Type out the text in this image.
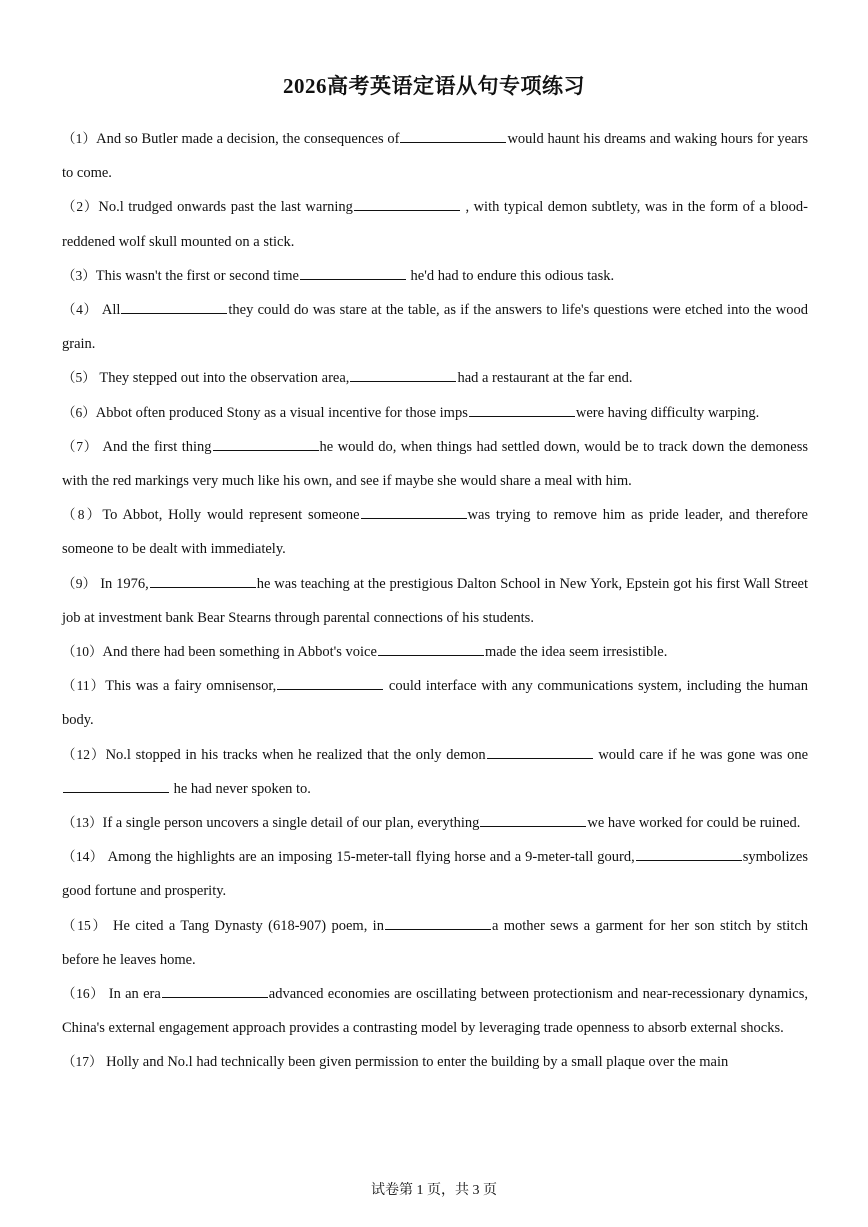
2026高考英语定语从句专项练习

（1）And so Butler made a decision, the consequences of	would haunt his dreams and waking hours for years to come.

（2）No.l trudged onwards past the last warning	, with typical demon subtlety, was in the form of a blood-reddened wolf skull mounted on a stick.

（3）This wasn't the first or second time	he'd had to endure this odious task.

（4） All	they could do was stare at the table, as if the answers to life's questions were etched into the wood grain.

（5） They stepped out into the observation area,	had a restaurant at the far end.

（6）Abbot often produced Stony as a visual incentive for those imps	were having difficulty warping.

（7） And the first thing	he would do, when things had settled down, would be to track down the demoness with the red markings very much like his own, and see if maybe she would share a meal with him.

（8）To Abbot, Holly would represent someone	was trying to remove him as pride leader, and therefore someone to be dealt with immediately.

（9） In 1976,	he was teaching at the prestigious Dalton School in New York, Epstein got his first Wall Street job at investment bank Bear Stearns through parental connections of his students.

（10）And there had been something in Abbot's voice	made the idea seem irresistible.

（11）This was a fairy omnisensor,	could interface with any communications system, including the human body.

（12）No.l stopped in his tracks when he realized that the only demon	would care if he was gone was one he had never spoken to.

（13）If a single person uncovers a single detail of our plan, everything	we have worked for could be ruined.

（14） Among the highlights are an imposing 15-meter-tall flying horse and a 9-meter-tall gourd,	symbolizes good fortune and prosperity.

（15） He cited a Tang Dynasty (618-907) poem, in	a mother sews a garment for her son stitch by stitch before he leaves home.

（16） In an era	advanced economies are oscillating between protectionism and near-recessionary dynamics, China's external engagement approach provides a contrasting model by leveraging trade openness to absorb external shocks.

（17） Holly and No.l had technically been given permission to enter the building by a small plaque over the main

试卷第 1 页，共 3 页
